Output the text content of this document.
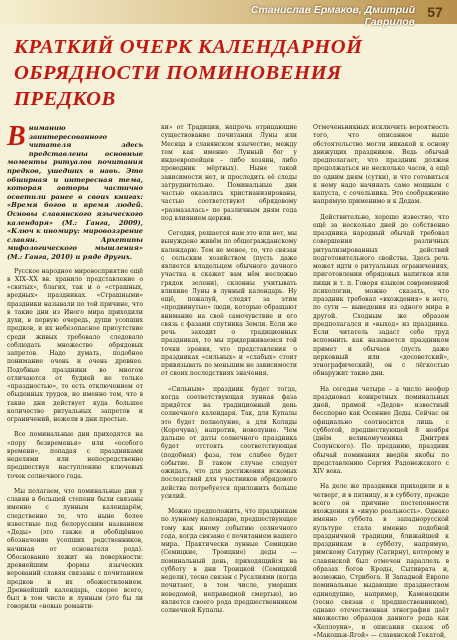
Станислав Ермаков, Дмитрий Гаврилов
57
КРАТКИЙ ОЧЕРК КАЛЕНДАРНОЙ ОБРЯДНОСТИ ПОМИНОВЕНИЯ ПРЕДКОВ
В ниманию заинтересованного читателя здесь представлены основные моменты ритуалов почитания предков, ушедших в навь. Это обширная и интересная тема, которая авторы частично осветили ранее в своих книгах: «Время богов и время людей. Основы славянского языческого календаря» (М.: Ганга, 2009), «Ключ к иномиру: мировоззрение славян. Архетипы мифологического мышления» (М.: Ганга, 2010) и ряде других.

Русское народное мировосприятие ещё в XIX–XX вв. хранило представление о «святых», благих, так и о «страшных, вредных» праздниках. «Страшными» праздники называли по той причине, что в такие дни из Иного мира приходили духи, в первую очередь, души усопших предков, и их небезопасное присутствие среди живых требовало следовало соблюдать множество обрядовых запретов. Надо думать, подобное понимание очень и очень древнее. Подобные праздники во многом отличаются от будней не только «праздностью», то есть отключением от обыденных трудов, но именно тем, что в такие дни действует куда большее количество ритуальных запретов и ограничений, нежели в дни простые.

Все поминальные дни приходятся на «пору безвременья» или «особого времени», попадая с праздниками неделями или непосредственно предшествуя наступлению ключевых точек солнечного года.

Мы полагаем, что поминальные дни у славян в большей степени были связаны именно с лунным календарём, следственно те, что ныне более известные под белорусским названием «Деды» (это также и обобщённое обозначение усопших родственников, начиная от основателя рода). Обоснование лежит на поверхности: древнейшим формы языческих верований славян связаны с почитанием предков и их обожествлением. Древнейший календарь, скорее всего, был в том числе и лунным (это бы ли говорили «новые романти-

ки» от Традиции, напрочь отрицающие существование почитания Луны или Месяца в славянском язычестве, между тем как именно Лунный бог у индоевропейцев – либо хозяин, либо проводник мёртвых). Ныне такой зависимости нет, и проследить её следы затруднительно. Поминальные дни частью оказались христианизированы, частью соответствуют обрядовому «размазалась» по различным дням года под влиянием церкви.

Сегодня, решается нам это или нет, мы вынуждено живём по общегражданскому календарю. Тем не менее, то, что связан с сельским хозяйством (пусть даже является владельцем обычного дачного участка к скажет вам нём несложно грядок зелени), склонны учитывать влияние Луны в лунный календарь. Ну ещё, пожалуй, следят за этим «продвинутые» люди, которые обращают внимание на своё самочувствие и его связь с фазами спутника Земли. Если же речь заходит о традиционных праздниках, то мы придерживаемся той точки зрения, что представления о праздниках «сильных» и «слабых» стоит привязывать по меньшим не зависимости от своих последствиях значения.

«Сильным» праздник будет тогда, когда соответствующая лунная фаза придётся на традиционный день солнечного календаря. Так, для Купалы это будет полнолуние, а для Коляды (Корочуна), напротив, новолуние. Чем дальше от даты солнечного праздника будет отстоять соответствующая (подобная) фаза, тем слабее будет событие. В таком случае следует ожидать, что для достижения искомых последствий для участников обрядового действа потребуется приложить больше усилий.

Можно предположить, что праздникам по лунному календарю, предшествующее тому как иному событию солнечного года, когда связано с почитанием нашего мира. Практически лунные Семицкие (Семицкие, Троицкие) деды — поминальный день, приходящийся на субботу в дни Троицкой (Семицкой недели), тесно связан с Русалиями (когда почитают, в том числе, умерших неведомой, неправедной смертью), но является своего рода предшественником солнечной Купалы.

Отмеченьникных исключить вероятность того, что описанное выше обстоятельство могли никакой к основу движущих праздников. Ведь обычай предполагает, что праздник должен продолжаться не несколько часов, а ещё по одним дням (сутки), и что готовиться к нему надо начинать само мощным с капуста, с сочельника. Это соображение напрямую применимо и к Дедам.

Действительно, хорошо известно, что ещё за несколько дней до собственно праздника народный обычай требовал совершения различных ритуализированных действий подготовительного свойства. Здесь речь может идти о ритуальных ограничениях, приготовлении обрядовых напитков или пищи и т. п. Говоря языком современной психологии, можно сказать, что праздник требовал «вхождения» в него, по сути — выведения из одного мира в другой. Сходным же образом предполагался и «выход» из праздника. Если читатель задаст себе труд вспомнить как называется праздником примет и обычаев (пусть даже церковный или «досоветский», этнографический), он с лёгкостью обнаружит такие дни.

На сегодня четыре – а число неофор праздновал конкретных поминальных дней, прямой «Дедов» известный бесспорно как Осенние Деды. Сейчас он официально соотносится лишь с субботой, предшествующей 8 ноября (днём великомученика Дмитрия Солунского). По преданию, праздник обычай поминания введён якобы по представлению Сергия Радонежского с XIV века.

На деле же праздники приходили и в четверг, и в пятницу, и в субботу, прежде всего он причине постепенности вхождения в «иную реальность». Однако именно суббота в западнорусской культуре стала именно подобной праздничной традиции, ближайшей к праздникам в субботу, напрямую, римскому Сатурну (Сатирну), которому в славянской был отмечен параллель в образах богов Кроды, Сытиврата и, возможно, Стрибога. В Западной Европе поминальные выдающие празднеством единодушно, например, Каменецким (тесно связан с предшественником), однако отечественная этнография даёт множество образцов данного рода как «Хеллоуин», и описания сказок об «Макошьи-Ягой» — славянской Гекатой,
